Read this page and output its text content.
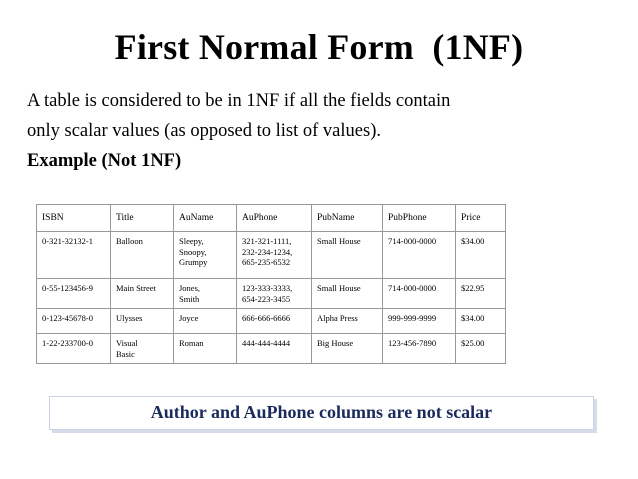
First Normal Form  (1NF)
A table is considered to be in 1NF if all the fields contain
only scalar values (as opposed to list of values).
Example (Not 1NF)
ISBN	Title	AuName	AuPhone	PubName	PubPhone	Price
0-321-32132-1	Balloon	Sleepy,
Snoopy,
Grumpy	321-321-1111,
232-234-1234,
665-235-6532	Small House	714-000-0000	$34.00
0-55-123456-9	Main Street	Jones,
Smith	123-333-3333,
654-223-3455	Small House	714-000-0000	$22.95
0-123-45678-0	Ulysses	Joyce	666-666-6666	Alpha Press	999-999-9999	$34.00
1-22-233700-0	Visual
Basic	Roman	444-444-4444	Big House	123-456-7890	$25.00
Author and AuPhone columns are not scalar
